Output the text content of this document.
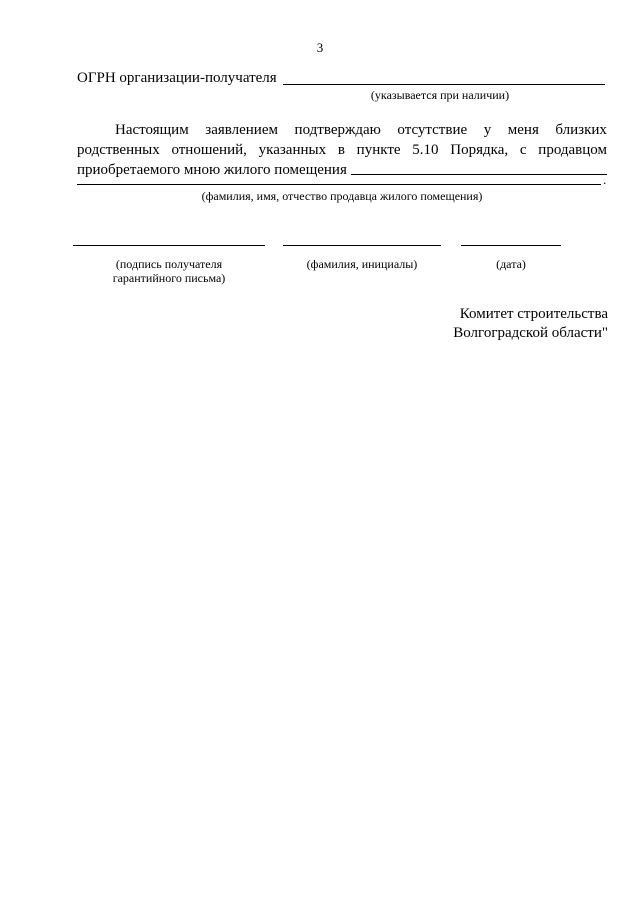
3
ОГРН организации-получателя
(указывается при наличии)
Настоящим заявлением подтверждаю отсутствие у меня близких
родственных отношений, указанных в пункте 5.10 Порядка, с продавцом
приобретаемого мною жилого помещения
.
(фамилия, имя, отчество продавца жилого помещения)
(подпись получателя
гарантийного письма)
(фамилия, инициалы)	(дата)
Комитет строительства
Волгоградской области"
